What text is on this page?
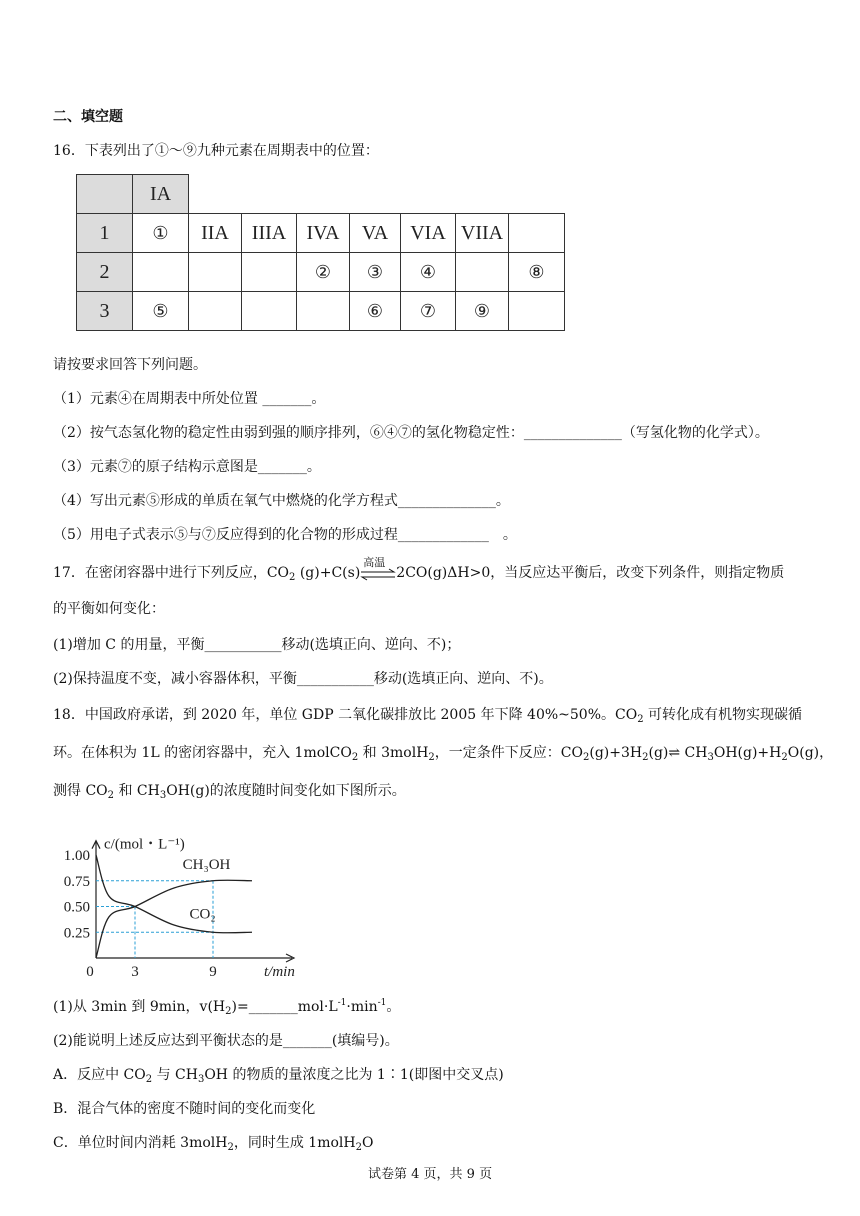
二、填空题
16．下表列出了①～⑨九种元素在周期表中的位置：
	IA							
1	①	IIA	IIIA	IVA	VA	VIA	VIIA	
2				②	③	④		⑧
3	⑤				⑥	⑦	⑨	
请按要求回答下列问题。
（1）元素④在周期表中所处位置 _______。
（2）按气态氢化物的稳定性由弱到强的顺序排列，⑥④⑦的氢化物稳定性：______________（写氢化物的化学式）。
（3）元素⑦的原子结构示意图是_______。
（4）写出元素⑤形成的单质在氧气中燃烧的化学方程式______________。
（5）用电子式表示⑤与⑦反应得到的化合物的形成过程_____________　。
17．在密闭容器中进行下列反应，$CO_2$ (g)+C(s)
高温
2CO(g)ΔH>0，当反应达平衡后，改变下列条件，则指定物质
的平衡如何变化：
(1)增加 C 的用量，平衡___________移动(选填正向、逆向、不)；
(2)保持温度不变，减小容器体积，平衡___________移动(选填正向、逆向、不)。
18．中国政府承诺，到 2020 年，单位 GDP 二氧化碳排放比 2005 年下降 40%~50%。$CO_2$ 可转化成有机物实现碳循
环。在体积为 1L 的密闭容器中，充入 1molCO$_2$ 和 3molH$_2$，一定条件下反应：$CO_2(g)+3H_2(g)\rightleftharpoons$ $CH_3OH(g)+H_2O(g)$，
测得 $CO_2$ 和 $CH_3OH(g)$的浓度随时间变化如下图所示。
1.00
0.75
0.50
0.25
0	3	9
c/(mol・L⁻¹)
t/min
CH₃OH
CO₂
(1)从 3min 到 9min，$v(H_2)=\_\_\_\_\_\_\_mol\cdot L^{-1}\cdot\min^{-1}$。
(2)能说明上述反应达到平衡状态的是_______(填编号)。
A．反应中 $CO_2$ 与 $CH_3OH$ 的物质的量浓度之比为 1∶1(即图中交叉点)
B．混合气体的密度不随时间的变化而变化
C．单位时间内消耗 3molH$_2$，同时生成 1molH$_2$O
试卷第 4 页，共 9 页
